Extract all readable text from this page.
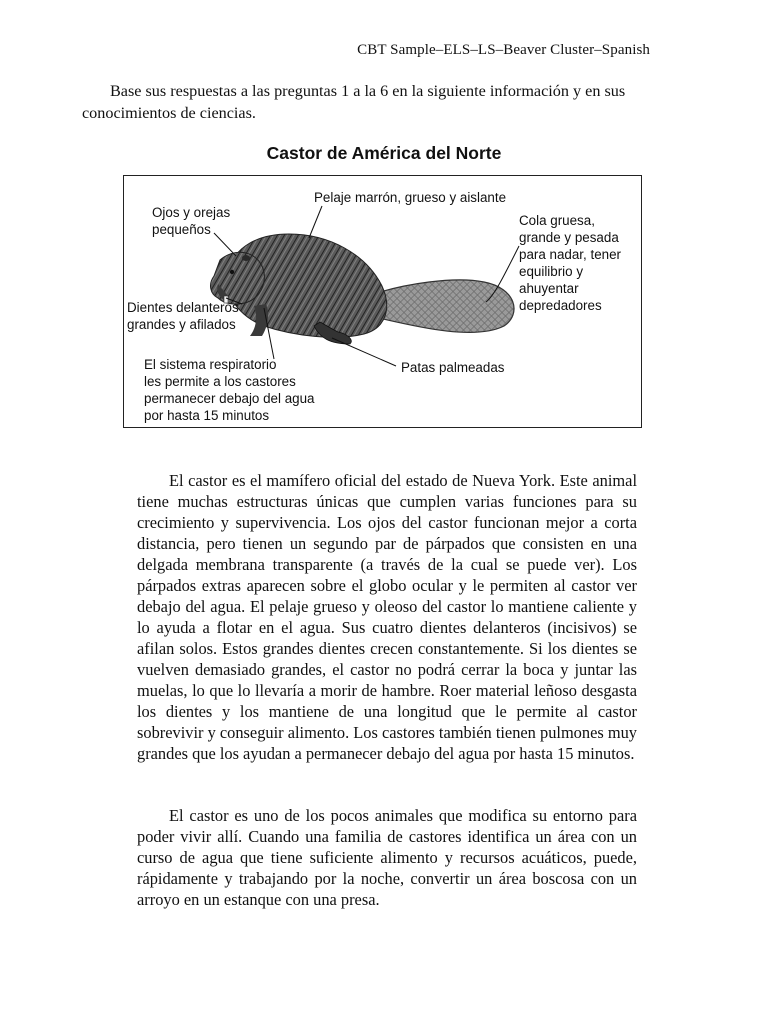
CBT Sample–ELS–LS–Beaver Cluster–Spanish

Base sus respuestas a las preguntas 1 a la 6 en la siguiente información y en sus conocimientos de ciencias.

Castor de América del Norte
Ojos y orejas
pequeños
Pelaje marrón, grueso y aislante
Cola gruesa,
grande y pesada
para nadar, tener
equilibrio y
ahuyentar
depredadores
Dientes delanteros
grandes y afilados
El sistema respiratorio
les permite a los castores
permanecer debajo del agua
por hasta 15 minutos
Patas palmeadas

El castor es el mamífero oficial del estado de Nueva York. Este animal tiene muchas estructuras únicas que cumplen varias funciones para su crecimiento y supervivencia. Los ojos del castor funcionan mejor a corta distancia, pero tienen un segundo par de párpados que consisten en una delgada membrana transparente (a través de la cual se puede ver). Los párpados extras aparecen sobre el globo ocular y le permiten al castor ver debajo del agua. El pelaje grueso y oleoso del castor lo mantiene caliente y lo ayuda a flotar en el agua. Sus cuatro dientes delanteros (incisivos) se afilan solos. Estos grandes dientes crecen constantemente. Si los dientes se vuelven demasiado grandes, el castor no podrá cerrar la boca y juntar las muelas, lo que lo llevaría a morir de hambre. Roer material leñoso desgasta los dientes y los mantiene de una longitud que le permite al castor sobrevivir y conseguir alimento. Los castores también tienen pulmones muy grandes que los ayudan a permanecer debajo del agua por hasta 15 minutos.

El castor es uno de los pocos animales que modifica su entorno para poder vivir allí. Cuando una familia de castores identifica un área con un curso de agua que tiene suficiente alimento y recursos acuáticos, puede, rápidamente y trabajando por la noche, convertir un área boscosa con un arroyo en un estanque con una presa.
